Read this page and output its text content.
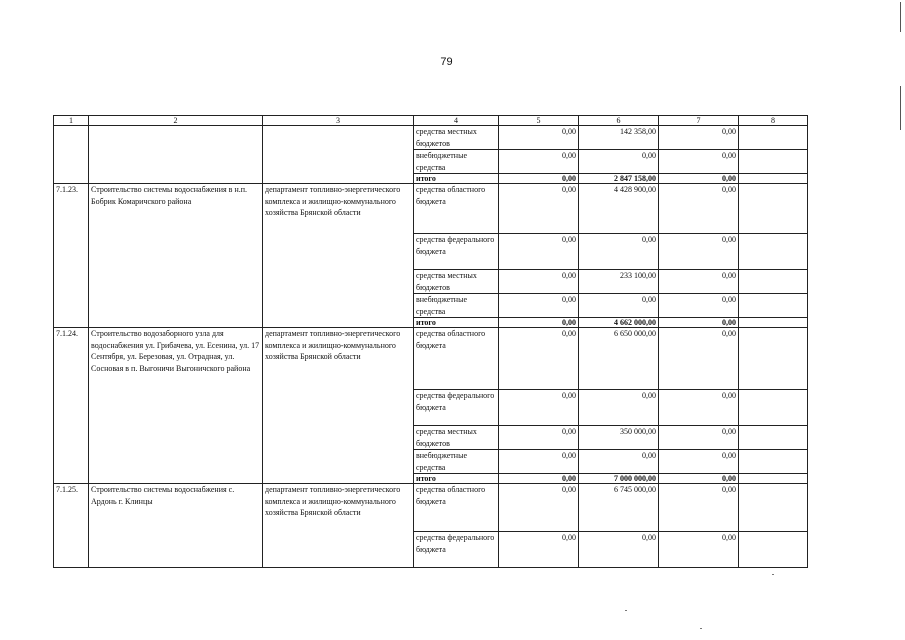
79
1	2	3	4	5	6	7	8
			средства местных бюджетов	0,00	142 358,00	0,00	
			внебюджетные средства	0,00	0,00	0,00	
			итого	0,00	2 847 158,00	0,00	
7.1.23.	Строительство системы водоснабжения в н.п. Бобрик Комаричского района	департамент топливно-энергетического комплекса и жилищно-коммунального хозяйства Брянской области	средства областного бюджета	0,00	4 428 900,00	0,00	
			средства федерального бюджета	0,00	0,00	0,00	
			средства местных бюджетов	0,00	233 100,00	0,00	
			внебюджетные средства	0,00	0,00	0,00	
			итого	0,00	4 662 000,00	0,00	
7.1.24.	Строительство водозаборного узла для водоснабжения ул. Грибачева, ул. Есенина, ул. 17 Сентября, ул. Березовая, ул. Отрадная, ул. Сосновая в п. Выгоничи Выгоничского района	департамент топливно-энергетического комплекса и жилищно-коммунального хозяйства Брянской области	средства областного бюджета	0,00	6 650 000,00	0,00	
			средства федерального бюджета	0,00	0,00	0,00	
			средства местных бюджетов	0,00	350 000,00	0,00	
			внебюджетные средства	0,00	0,00	0,00	
			итого	0,00	7 000 000,00	0,00	
7.1.25.	Строительство системы водоснабжения с. Ардонь г. Клинцы	департамент топливно-энергетического комплекса и жилищно-коммунального хозяйства Брянской области	средства областного бюджета	0,00	6 745 000,00	0,00	
			средства федерального бюджета	0,00	0,00	0,00	
